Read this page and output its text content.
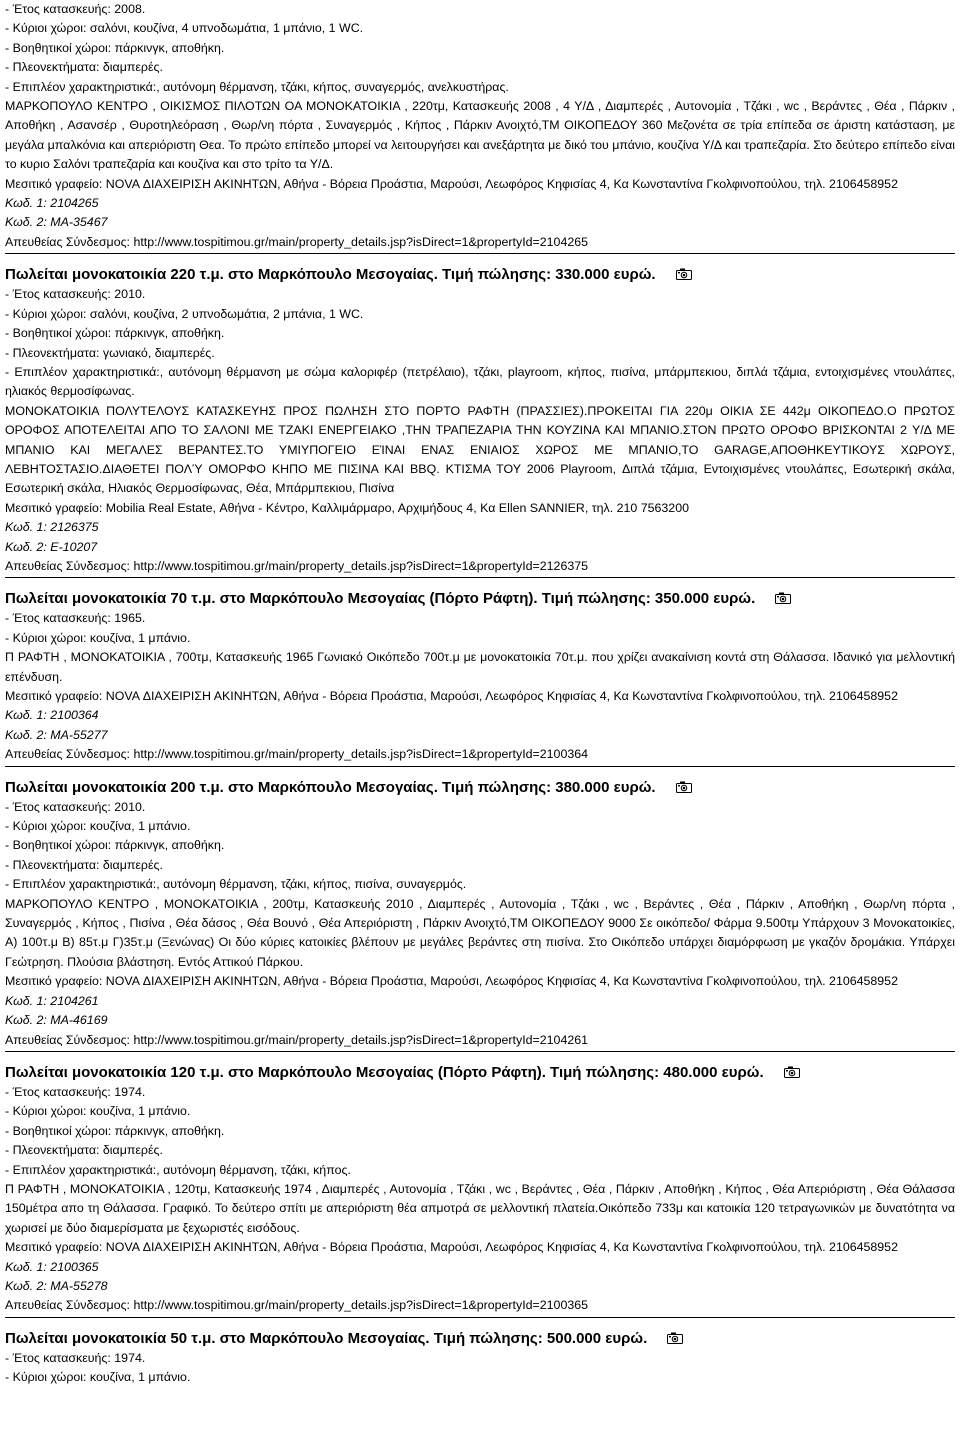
- Έτος κατασκευής: 2008.
- Κύριοι χώροι: σαλόνι, κουζίνα, 4 υπνοδωμάτια, 1 μπάνιο, 1 WC.
- Βοηθητικοί χώροι: πάρκινγκ, αποθήκη.
- Πλεονεκτήματα: διαμπερές.
- Επιπλέον χαρακτηριστικά:, αυτόνομη θέρμανση, τζάκι, κήπος, συναγερμός, ανελκυστήρας.
ΜΑΡΚΟΠΟΥΛΟ ΚΕΝΤΡΟ , ΟΙΚΙΣΜΟΣ ΠΙΛΟΤΩΝ ΟΑ ΜΟΝΟΚΑΤΟΙΚΙΑ , 220τμ, Κατασκευής 2008 , 4 Υ/Δ , Διαμπερές , Αυτονομία , Τζάκι , wc , Βεράντες , Θέα , Πάρκιν , Αποθήκη , Ασανσέρ , Θυροτηλεόραση , Θωρ/νη πόρτα , Συναγερμός , Κήπος , Πάρκιν Ανοιχτό,ΤΜ ΟΙΚΟΠΕΔΟΥ 360 Μεζονέτα σε τρία επίπεδα σε άριστη κατάσταση, με μεγάλα μπαλκόνια και απεριόριστη Θεα. Το πρώτο επίπεδο μπορεί να λειτουργήσει και ανεξάρτητα με δικό του μπάνιο, κουζίνα Υ/Δ και τραπεζαρία. Στο δεύτερο επίπεδο είναι το κυριο Σαλόνι τραπεζαρία και κουζίνα και στο τρίτο τα Υ/Δ.
Μεσιτικό γραφείο: NOVA ΔΙΑΧΕΙΡΙΣΗ ΑΚΙΝΗΤΩΝ, Αθήνα - Βόρεια Προάστια, Μαρούσι, Λεωφόρος Κηφισίας 4, Κα Κωνσταντίνα Γκολφινοπούλου, τηλ. 2106458952
Κωδ. 1: 2104265
Κωδ. 2: MA-35467
Απευθείας Σύνδεσμος: http://www.tospitimou.gr/main/property_details.jsp?isDirect=1&propertyId=2104265
Πωλείται μονοκατοικία 220 τ.μ. στο Μαρκόπουλο Μεσογαίας. Τιμή πώλησης: 330.000 ευρώ.
- Έτος κατασκευής: 2010.
- Κύριοι χώροι: σαλόνι, κουζίνα, 2 υπνοδωμάτια, 2 μπάνια, 1 WC.
- Βοηθητικοί χώροι: πάρκινγκ, αποθήκη.
- Πλεονεκτήματα: γωνιακό, διαμπερές.
- Επιπλέον χαρακτηριστικά:, αυτόνομη θέρμανση με σώμα καλοριφέρ (πετρέλαιο), τζάκι, playroom, κήπος, πισίνα, μπάρμπεκιου, διπλά τζάμια, εντοιχισμένες ντουλάπες, ηλιακός θερμοσίφωνας.
ΜΟΝΟΚΑΤΟΙΚΙΑ ΠΟΛΥΤΕΛΟΥΣ ΚΑΤΑΣΚΕΥΗΣ ΠΡΟΣ ΠΩΛΗΣΗ ΣΤΟ ΠΟΡΤΟ ΡΑΦΤΗ (ΠΡΑΣΣΙΕΣ).ΠΡΟΚΕΙΤΑΙ ΓΙΑ 220μ ΟΙΚΙΑ ΣΕ 442μ ΟΙΚΟΠΕΔΟ.Ο ΠΡΩΤΟΣ ΟΡΟΦΟΣ ΑΠΟΤΕΛΕΙΤΑΙ ΑΠΟ ΤΟ ΣΑΛΟΝΙ ΜΕ ΤΖΑΚΙ ΕΝΕΡΓΕΙΑΚΟ ,ΤΗΝ ΤΡΑΠΕΖΑΡΙΑ ΤΗΝ ΚΟΥΖΙΝΑ ΚΑΙ ΜΠΑΝΙΟ.ΣΤΟΝ ΠΡΩΤΟ ΟΡΟΦΟ ΒΡΙΣΚΟΝΤΑΙ 2 Υ/Δ ΜΕ ΜΠΑΝΙΟ ΚΑΙ ΜΕΓΑΛΕΣ ΒΕΡΑΝΤΕΣ.ΤΟ ΥΜΙΥΠΟΓΕΙΟ ΕΊΝΑΙ ΕΝΑΣ ΕΝΙΑΙΟΣ ΧΩΡΟΣ ΜΕ ΜΠΑΝΙΟ,ΤΟ GARAGE,ΑΠΟΘΗΚΕΥΤΙΚΟΥΣ ΧΩΡΟΥΣ, ΛΕΒΗΤΟΣΤΑΣΙΟ.ΔΙΑΘΕΤΕΙ ΠΟΛΎ ΟΜΟΡΦΟ ΚΗΠΟ ΜΕ ΠΙΣΙΝΑ ΚΑΙ BBQ. ΚΤΙΣΜΑ ΤΟΥ 2006 Playroom, Διπλά τζάμια, Εντοιχισμένες ντουλάπες, Εσωτερική σκάλα, Εσωτερική σκάλα, Ηλιακός Θερμοσίφωνας, Θέα, Μπάρμπεκιου, Πισίνα
Μεσιτικό γραφείο: Mobilia Real Estate, Αθήνα - Κέντρο, Καλλιμάρμαρο, Αρχιμήδους 4, Κα Ellen SANNIER, τηλ. 210 7563200
Κωδ. 1: 2126375
Κωδ. 2: E-10207
Απευθείας Σύνδεσμος: http://www.tospitimou.gr/main/property_details.jsp?isDirect=1&propertyId=2126375
Πωλείται μονοκατοικία 70 τ.μ. στο Μαρκόπουλο Μεσογαίας (Πόρτο Ράφτη). Τιμή πώλησης: 350.000 ευρώ.
- Έτος κατασκευής: 1965.
- Κύριοι χώροι: κουζίνα, 1 μπάνιο.
Π ΡΑΦΤΗ , ΜΟΝΟΚΑΤΟΙΚΙΑ , 700τμ, Κατασκευής 1965 Γωνιακό Οικόπεδο 700τ.μ με μονοκατοικία 70τ.μ. που χρίζει ανακαίνιση κοντά στη Θάλασσα. Ιδανικό για μελλοντική επένδυση.
Μεσιτικό γραφείο: NOVA ΔΙΑΧΕΙΡΙΣΗ ΑΚΙΝΗΤΩΝ, Αθήνα - Βόρεια Προάστια, Μαρούσι, Λεωφόρος Κηφισίας 4, Κα Κωνσταντίνα Γκολφινοπούλου, τηλ. 2106458952
Κωδ. 1: 2100364
Κωδ. 2: MA-55277
Απευθείας Σύνδεσμος: http://www.tospitimou.gr/main/property_details.jsp?isDirect=1&propertyId=2100364
Πωλείται μονοκατοικία 200 τ.μ. στο Μαρκόπουλο Μεσογαίας. Τιμή πώλησης: 380.000 ευρώ.
- Έτος κατασκευής: 2010.
- Κύριοι χώροι: κουζίνα, 1 μπάνιο.
- Βοηθητικοί χώροι: πάρκινγκ, αποθήκη.
- Πλεονεκτήματα: διαμπερές.
- Επιπλέον χαρακτηριστικά:, αυτόνομη θέρμανση, τζάκι, κήπος, πισίνα, συναγερμός.
ΜΑΡΚΟΠΟΥΛΟ ΚΕΝΤΡΟ , ΜΟΝΟΚΑΤΟΙΚΙΑ , 200τμ, Κατασκευής 2010 , Διαμπερές , Αυτονομία , Τζάκι , wc , Βεράντες , Θέα , Πάρκιν , Αποθήκη , Θωρ/νη πόρτα , Συναγερμός , Κήπος , Πισίνα , Θέα δάσος , Θέα Βουνό , Θέα Απεριόριστη , Πάρκιν Ανοιχτό,ΤΜ ΟΙΚΟΠΕΔΟΥ 9000 Σε οικόπεδο/ Φάρμα 9.500τμ Υπάρχουν 3 Μονοκατοικίες, Α) 100τ.μ Β) 85τ.μ Γ)35τ.μ (Ξενώνας) Οι δύο κύριες κατοικίες βλέπουν με μεγάλες βεράντες στη πισίνα. Στο Οικόπεδο υπάρχει διαμόρφωση με γκαζόν δρομάκια. Υπάρχει Γεώτρηση. Πλούσια βλάστηση. Εντός Αττικού Πάρκου.
Μεσιτικό γραφείο: NOVA ΔΙΑΧΕΙΡΙΣΗ ΑΚΙΝΗΤΩΝ, Αθήνα - Βόρεια Προάστια, Μαρούσι, Λεωφόρος Κηφισίας 4, Κα Κωνσταντίνα Γκολφινοπούλου, τηλ. 2106458952
Κωδ. 1: 2104261
Κωδ. 2: MA-46169
Απευθείας Σύνδεσμος: http://www.tospitimou.gr/main/property_details.jsp?isDirect=1&propertyId=2104261
Πωλείται μονοκατοικία 120 τ.μ. στο Μαρκόπουλο Μεσογαίας (Πόρτο Ράφτη). Τιμή πώλησης: 480.000 ευρώ.
- Έτος κατασκευής: 1974.
- Κύριοι χώροι: κουζίνα, 1 μπάνιο.
- Βοηθητικοί χώροι: πάρκινγκ, αποθήκη.
- Πλεονεκτήματα: διαμπερές.
- Επιπλέον χαρακτηριστικά:, αυτόνομη θέρμανση, τζάκι, κήπος.
Π ΡΑΦΤΗ , ΜΟΝΟΚΑΤΟΙΚΙΑ , 120τμ, Κατασκευής 1974 , Διαμπερές , Αυτονομία , Τζάκι , wc , Βεράντες , Θέα , Πάρκιν , Αποθήκη , Κήπος , Θέα Απεριόριστη , Θέα Θάλασσα 150μέτρα απο τη Θάλασσα. Γραφικό. Το δεύτερο σπίτι με απεριόριστη θέα απμοτρά σε μελλοντική πλατεία.Οικόπεδο 733μ και κατοικία 120 τετραγωνικών με δυνατότητα να χωρισεί με δύο διαμερίσματα με ξεχωριστές εισόδους.
Μεσιτικό γραφείο: NOVA ΔΙΑΧΕΙΡΙΣΗ ΑΚΙΝΗΤΩΝ, Αθήνα - Βόρεια Προάστια, Μαρούσι, Λεωφόρος Κηφισίας 4, Κα Κωνσταντίνα Γκολφινοπούλου, τηλ. 2106458952
Κωδ. 1: 2100365
Κωδ. 2: MA-55278
Απευθείας Σύνδεσμος: http://www.tospitimou.gr/main/property_details.jsp?isDirect=1&propertyId=2100365
Πωλείται μονοκατοικία 50 τ.μ. στο Μαρκόπουλο Μεσογαίας. Τιμή πώλησης: 500.000 ευρώ.
- Έτος κατασκευής: 1974.
- Κύριοι χώροι: κουζίνα, 1 μπάνιο.
